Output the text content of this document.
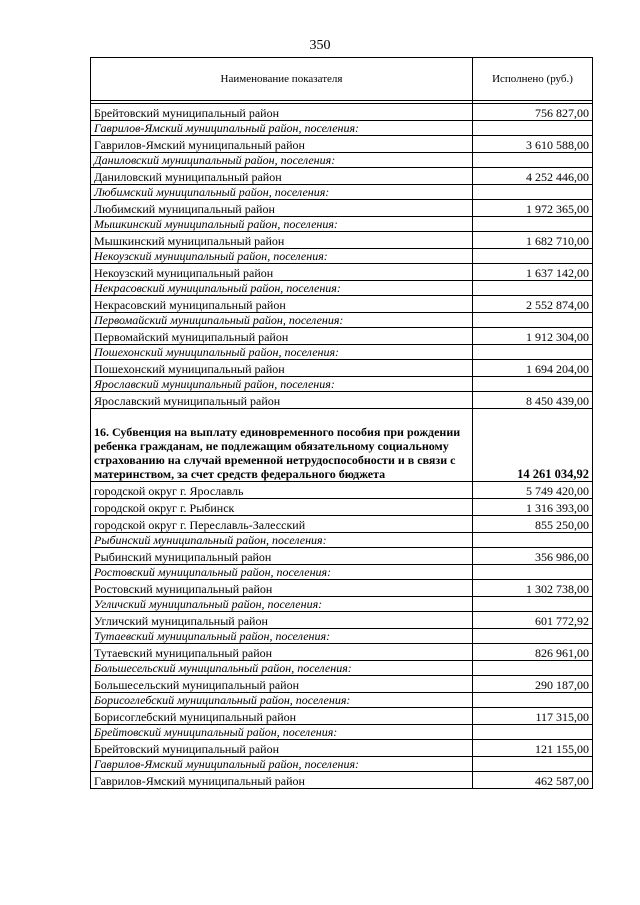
350
Наименование показателя	Исполнено (руб.)

Брейтовский муниципальный район	756 827,00
Гаврилов-Ямский муниципальный район, поселения:	
Гаврилов-Ямский муниципальный район	3 610 588,00
Даниловский муниципальный район, поселения:	
Даниловский муниципальный район	4 252 446,00
Любимский муниципальный район, поселения:	
Любимский муниципальный район	1 972 365,00
Мышкинский муниципальный район, поселения:	
Мышкинский муниципальный район	1 682 710,00
Некоузский муниципальный район, поселения:	
Некоузский муниципальный район	1 637 142,00
Некрасовский муниципальный район, поселения:	
Некрасовский муниципальный район	2 552 874,00
Первомайский муниципальный район, поселения:	
Первомайский муниципальный район	1 912 304,00
Пошехонский муниципальный район, поселения:	
Пошехонский муниципальный район	1 694 204,00
Ярославский муниципальный район, поселения:	
Ярославский муниципальный район	8 450 439,00
16. Субвенция на выплату единовременного пособия при рождении ребенка гражданам, не подлежащим обязательному социальному страхованию на случай временной нетрудоспособности и в связи с материнством, за счет средств федерального бюджета	14 261 034,92
городской округ г. Ярославль	5 749 420,00
городской округ г. Рыбинск	1 316 393,00
городской округ г. Переславль-Залесский	855 250,00
Рыбинский муниципальный район, поселения:	
Рыбинский муниципальный район	356 986,00
Ростовский муниципальный район, поселения:	
Ростовский муниципальный район	1 302 738,00
Угличский муниципальный район, поселения:	
Угличский муниципальный район	601 772,92
Тутаевский муниципальный район, поселения:	
Тутаевский муниципальный район	826 961,00
Большесельский муниципальный район, поселения:	
Большесельский муниципальный район	290 187,00
Борисоглебский муниципальный район, поселения:	
Борисоглебский муниципальный район	117 315,00
Брейтовский муниципальный район, поселения:	
Брейтовский муниципальный район	121 155,00
Гаврилов-Ямский муниципальный район, поселения:	
Гаврилов-Ямский муниципальный район	462 587,00
